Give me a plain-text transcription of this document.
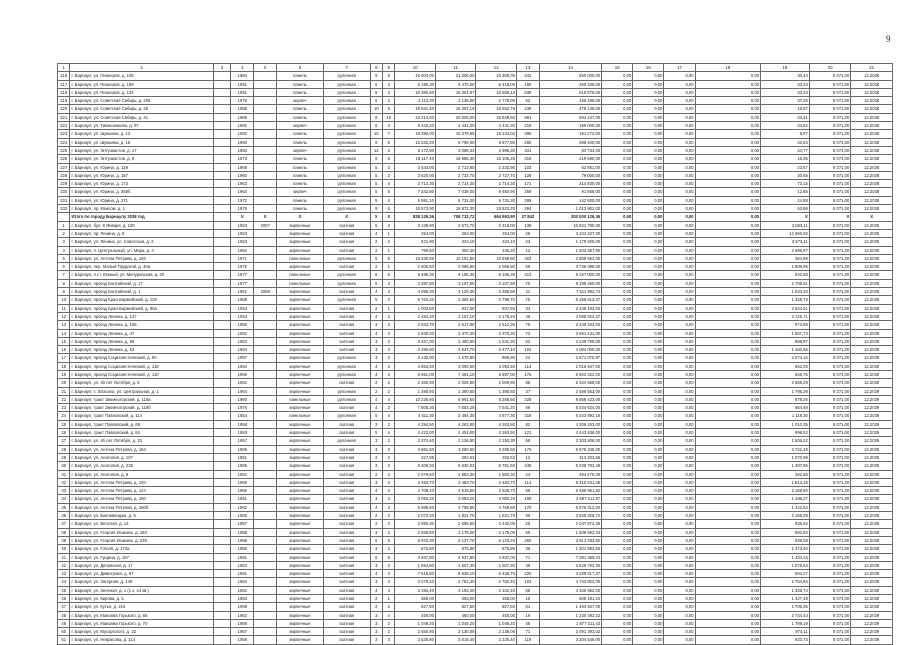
9
1	2	3	4	5	6	7	8	9	10	11	12	13	14	15	16	17	18	19	20	21
216	г. Барнаул, ул. Пионеров, д. 108		1984		панель	рулонная	9	6	16 003,00	21 306,00	16 309,00	342	650 000,00	0,00	0,00	0,00	0,00	30,44	8 071,00	12.2038
217	г. Барнаул, ул. Пионеров, д. 199		1991		панель	рулонная	5	4	6 190,30	8 470,00	6 418,00	180	350 336,00	0,00	0,00	0,00	0,00	33,34	8 071,00	12.2038
218	г. Барнаул, ул. Пионеров, д. 133		1991		панель	рулонная	9	4	16 390,60	15 301,97	15 569,13	638	518 976,00	0,00	0,00	0,00	0,00	33,34	8 071,00	12.2038
219	г. Барнаул, ул. Советская Сибирь, д. 206		1976		кирпич	рулонная	5	2	2 113,30	2 136,00	2 778,00	62	195 496,00	0,00	0,00	0,00	0,00	37,26	8 071,00	12.2038
220	г. Барнаул, ул. Советская Сибирь, д. 25		1988		панель	рулонная	10	6	19 541,40	16 397,19	16 562,79	236	478 136,00	0,00	0,00	0,00	0,00	18,97	8 071,00	12.2038
221	г. Барнаул, ул. Советская Сибирь, д. 41		1988		панель	рулонная	9	10	24 214,00	20 605,00	20 649,60	991	684 247,00	0,00	0,00	0,00	0,00	33,31	8 071,00	12.2038
222	г. Барнаул, ул. Тимошенкова, д. 97		1992		кирпич	рулонная	5	4	5 342,20	4 441,30	4 441,30	218	199 000,00	0,00	0,00	0,00	0,00	33,62	8 071,00	12.2038
223	г. Барнаул, ул. Шукшина, д. 13		1982		панель	рулонная	10	7	19 390,00	15 379,65	15 134,02	396	191 272,00	0,00	0,00	0,00	0,00	8,67	8 071,00	12.2038
224	г. Барнаул, ул. Шукшина, д. 15		1993		панель	рулонная	9	5	12 232,20	9 798,00	9 677,80	280	398 400,00	0,00	0,00	0,00	0,00	33,64	8 071,00	12.2038
225	г. Барнаул, ул. Энтузиастов, д. 17		1983		кирпич	рулонная	12	3	3 172,50	3 098,33	2 996,30	331	94 734,00	0,00	0,00	0,00	0,00	24,77	8 071,00	12.2038
226	г. Барнаул, ул. Энтузиастов, д. 9		1973		панель	рулонная	9	8	18 117,40	16 966,30	16 106,25	319	219 580,00	0,00	0,00	0,00	0,00	16,36	8 071,00	12.2038
227	г. Барнаул, ул. Юрина, д. 129		1969		панель	рулонная	5	3	3 543,00	2 713,90	2 232,90	103	62 851,00	0,00	0,00	0,00	0,00	23,67	8 071,00	12.2038
228	г. Барнаул, ул. Юрина, д. 157		1960		панель	рулонная	5	3	3 620,00	2 732,70	2 727,70	128	79 000,00	0,00	0,00	0,00	0,00	20,65	8 071,00	12.2038
229	г. Барнаул, ул. Юрина, д. 173		1963		панель	рулонная	5	4	2 714,30	2 714,30	2 714,30	171	214 830,00	0,00	0,00	0,00	0,00	73,15	8 071,00	12.2038
230	г. Барнаул, ул. Юрина, д. 268б		1964		кирпич	рулонная	5	5	7 342,80	7 038,00	6 650,90	259	91 566,00	0,00	0,00	0,00	0,00	12,65	8 071,00	12.2038
231	г. Барнаул, ул. Юрина, д. 271		1972		панель	рулонная	5	4	5 991,10	5 731,30	5 731,30	268	142 600,00	0,00	0,00	0,00	0,00	24,88	8 071,00	12.2038
232	г. Барнаул, пр. Комсом, д. 1		1979		панель	рулонная	9	6	18 873,90	15 872,30	15 823,20	384	1 013 902,00	0,00	0,00	0,00	0,00	63,86	8 071,00	12.2038
	Итого по городу Барнаулу 2038 год		X	X	X	X	X	X	828 139,36	708 712,72	664 993,90	27 842	302 000 126,36	0,00	0,00	0,00	0,00	X	X	X
1	г. Барнаул, бул. 9 Января, д. 100		1953	2007	кирпичные	скатная	5	4	3 139,90	2 572,70	2 316,00	139	10 821 790,00	0,00	0,00	0,00	0,00	3 063,11	8 071,00	12.2039
2	г. Барнаул, пр. Ленина, д. 6		1953		кирпичные	скатная	4	1	254,00	254,00	254,00	26	3 234 227,00	0,00	0,00	0,00	0,00	12 860,50	8 071,00	12.2039
3	г. Барнаул, ул. Ленина, ул. Советская, д. 2		1953		кирпичные	скатная	2	2	631,90	334,10	334,10	23	1 179 925,00	0,00	0,00	0,00	0,00	3 573,11	8 071,00	12.2039
4	г. Барнаул, п. Центральный, ул. Мира, д. 4		1964		кирпичные	скатная	2	1	790,50	350,40	335,20	12	1 202 487,90	0,00	0,00	0,00	0,00	3 596,87	8 071,00	12.2039
5	г. Барнаул, ул. Антона Петрова, д. 126		1971		панельные	рулонная	5	6	10 430,85	10 191,80	10 459,80	303	3 809 554,00	0,00	0,00	0,00	0,00	364,99	8 071,00	12.2039
6	г. Барнаул, пер. Малый Прудской, д. 40а		1975		кирпичные	скатная	2	1	2 505,50	2 066,80	2 066,80	69	3 736 096,00	0,00	0,00	0,00	0,00	1 809,98	8 071,00	12.2039
7	г. Барнаул, п.г.т. Южный, ул. Мичуринская, д. 20		1977		панельные	рулонная	5	6	9 486,30	9 186,30	9 186,30	313	5 157 000,00	0,00	0,00	0,00	0,00	542,88	8 071,00	12.2039
8	г. Барнаул, проезд Балтийский, д. 17		1977		панельные	рулонная	5	4	3 397,80	3 197,50	3 107,80	75	9 196 460,00	0,00	0,00	0,00	0,00	2 706,51	8 071,00	12.2039
9	г. Барнаул, проезд Балтийский, д. 1		1951	2008	кирпичные	скатная	4	4	4 095,30	4 129,30	3 396,90	11	7 511 992,74	0,00	0,00	0,00	0,00	1 834,33	8 071,00	12.2039
10	г. Барнаул, проезд Красноармейский, д. 103		1959		кирпичные	рулонная	5	2	5 763,20	3 392,60	3 796,70	75	5 156 513,37	0,00	0,00	0,00	0,00	1 329,73	8 071,00	12.2039
11	г. Барнаул, проезд Красноармейский, д. 96а		1954		кирпичные	скатная	2	1	1 003,50	937,50	937,50	34	2 448 192,00	0,00	0,00	0,00	0,00	2 644,51	8 071,00	12.2039
12	г. Барнаул, проезд Ленина, д. 127		1954		кирпичные	скатная	4	2	2 494,20	2 167,10	2 175,20	48	4 088 924,37	0,00	0,00	0,00	0,00	2 125,71	8 071,00	12.2039
13	г. Барнаул, проезд Ленина, д. 156		1956		кирпичные	скатная	3	3	2 833,70	2 517,80	2 512,30	75	2 446 202,00	0,00	0,00	0,00	0,00	973,88	8 071,00	12.2039
14	г. Барнаул, проезд Ленина, д. 47		1952		кирпичные	скатная	4	3	2 830,20	2 370,30	2 370,30	73	3 691 131,00	0,00	0,00	0,00	0,00	1 557,74	8 071,00	12.2039
15	г. Барнаул, проезд Ленина, д. 58		1953		кирпичные	скатная	3	2	2 327,00	2 460,50	1 541,30	52	2 136 759,00	0,00	0,00	0,00	0,00	868,97	8 071,00	12.2039
16	г. Барнаул, проезд Ленина, д. 53		1954		кирпичные	скатная	3	3	4 280,80	3 647,70	3 477,10	104	4 084 000,00	0,00	0,00	0,00	0,00	1 160,66	8 071,00	12.2039
17	г. Барнаул, проезд Социалистический, д. 90		1957		кирпичные	рулонная	3	2	2 130,90	1 576,80	996,90	24	2 571 070,87	0,00	0,00	0,00	0,00	2 574,16	8 071,00	12.2039
18	г. Барнаул, проезд Социалистический, д. 118		1954		кирпичные	рулонная	4	3	3 653,40	3 093,50	3 093,50	113	2 016 947,00	0,00	0,00	0,00	0,00	652,05	8 071,00	12.2039
19	г. Барнаул, проезд Социалистический, д. 110		1959		кирпичные	рулонная	4	3	8 651,00	7 461,10	5 897,00	175	6 902 422,00	0,00	0,00	0,00	0,00	928,76	8 071,00	12.2039
20	г. Барнаул, ул. 40 лет Октября, д. 8		1962		кирпичные	скатная	2	2	2 365,50	2 009,80	2 009,80	95	5 344 658,00	0,00	0,00	0,00	0,00	2 659,29	8 071,00	12.2039
21	г. Барнаул, с. Власиха, ул. Центральная, д. 1		1964		кирпичные	рулонная	2	2	1 390,60	1 390,60	1 390,60	37	2 496 553,00	0,00	0,00	0,00	0,00	1 795,29	8 071,00	12.2039
22	г. Барнаул, тракт Змеиногорский, д. 118а		1960		панельные	рулонная	4	4	10 226,80	8 991,50	8 286,50	328	8 858 423,00	0,00	0,00	0,00	0,00	978,26	8 071,00	12.2039
23	г. Барнаул, тракт Змеиногорский, д. 118б		1976		кирпичные	скатная	4	3	7 605,30	7 563,29	7 541,20	69	5 024 624,00	0,00	0,00	0,00	0,00	664,49	8 071,00	12.2039
24	г. Барнаул, тракт Павловский, д. 114		1954		панельные	рулонная	5	4	4 511,30	3 454,30	4 877,30	316	5 343 892,18	0,00	0,00	0,00	0,00	1 118,30	8 071,00	12.2039
25	г. Барнаул, тракт Павловский, д. 68		1958		кирпичные	скатная	3	2	4 294,50	4 263,80	4 263,80	82	4 306 253,00	0,00	0,00	0,00	0,00	1 010,35	8 071,00	12.2039
26	г. Барнаул, тракт Павловский, д. 84		1953		кирпичные	скатная	5	4	4 422,00	4 451,00	3 363,50	121	4 443 836,00	0,00	0,00	0,00	0,00	998,52	8 071,00	12.2039
27	г. Барнаул, ул. 40 лет Октября, д. 33		1957		кирпичные	рулонная	3	2	2 374,40	2 126,80	2 150,30	58	3 203 806,00	0,00	0,00	0,00	0,00	1 506,22	8 071,00	12.2039
28	г. Барнаул, ул. Антона Петрова, д. 164		1955		кирпичные	скатная	3	3	3 861,50	3 260,50	3 260,50	175	8 878 346,00	0,00	0,00	0,00	0,00	2 722,48	8 071,00	12.2039
29	г. Барнаул, ул. Анатолия, д. 107		1951		кирпичные	скатная	2	2	327,85	292,53	292,53	12	313 303,56	0,00	0,00	0,00	0,00	1 070,99	8 071,00	12.2039
30	г. Барнаул, ул. Анатолия, д. 235		1955		кирпичные	скатная	3	3	6 406,03	5 630,03	5 751,60	349	8 039 783,48	0,00	0,00	0,00	0,00	1 397,85	8 071,00	12.2039
31	г. Барнаул, ул. Анатолия, д. 6		1952		кирпичные	скатная	2	2	2 079,60	1 883,30	1 883,30	24	494 475,00	0,00	0,00	0,00	0,00	262,56	8 071,00	12.2039
32	г. Барнаул, ул. Антона Петрова, д. 120		1958		кирпичные	скатная	3	3	3 483,70	3 483,70	3 483,70	114	6 316 531,36	0,00	0,00	0,00	0,00	1 813,16	8 071,00	12.2039
33	г. Барнаул, ул. Антона Петрова, д. 124		1959		кирпичные	скатная	4	3	4 708,10	3 515,00	2 528,70	98	5 485 951,82	0,00	0,00	0,00	0,00	2 169,50	8 071,00	12.2039
34	г. Барнаул, ул. Антона Петрова, д. 150		1961		кирпичные	скатная	3	3	3 093,20	3 093,20	3 093,20	109	3 697 211,87	0,00	0,00	0,00	0,00	1 195,27	8 071,00	12.2039
35	г. Барнаул, ул. Антона Петрова, д. 180б		1962		кирпичные	скатная	4	4	6 988,60	4 766,80	4 766,80	170	6 876 312,00	0,00	0,00	0,00	0,00	1 442,54	8 071,00	12.2039
36	г. Барнаул, ул. Бахчиванджи, д. 5		1956		кирпичные	скатная	2	2	2 073,20	1 821,70	1 821,70	96	3 946 326,72	0,00	0,00	0,00	0,00	2 166,29	8 071,00	12.2039
37	г. Барнаул, ул. Веселая, д. 14		1957		кирпичные	скатная	2	2	2 993,30	2 696,60	2 442,00	28	2 047 672,35	0,00	0,00	0,00	0,00	838,52	8 071,00	12.2039
38	г. Барнаул, ул. Георгия Исакова, д. 193		1958		кирпичные	скатная	3	2	2 558,50	2 179,00	2 179,00	69	1 509 693,34	0,00	0,00	0,00	0,00	692,84	8 071,00	12.2039
39	г. Барнаул, ул. Георгия Исакова, д. 235		1968		кирпичные	скатная	5	5	6 923,30	6 127,70	6 123,20	260	3 913 283,82	0,00	0,00	0,00	0,00	639,08	8 071,00	12.2039
40	г. Барнаул, ул. Гоголя, д. 173а		1965		кирпичные	скатная	3	2	875,80	875,80	875,80	38	1 201 953,50	0,00	0,00	0,00	0,00	1 372,40	8 071,00	12.2039
41	г. Барнаул, ул. Гущина, д. 197		1961		кирпичные	скатная	5	6	4 937,80	4 937,80	4 937,00	71	7 081 389,23	0,00	0,00	0,00	0,00	1 434,14	8 071,00	12.2039
42	г. Барнаул, ул. Деповская, д. 17		1953		кирпичные	скатная	3	2	1 654,80	1 607,30	1 507,30	39	2 528 764,30	0,00	0,00	0,00	0,00	1 578,54	8 071,00	12.2039
43	г. Барнаул, ул. Димитрова, д. 67		1961		кирпичные	скатная	4	3	7 516,80	6 635,10	6 436,70	220	3 339 317,37	0,00	0,00	0,00	0,00	504,27	8 071,00	12.2039
44	г. Барнаул, ул. Загорная, д. 149		1964		кирпичные	скатная	3	4	3 070,10	2 782,40	2 782,40	103	4 743 804,00	0,00	0,00	0,00	0,00	1 704,94	8 071,00	12.2039
45	г. Барнаул, ул. Зеленая, д. 1 (1 к. 44 кв.)		1962		кирпичные	скатная	4	4	3 393,40	3 193,40	3 102,40	58	4 345 952,00	0,00	0,00	0,00	0,00	1 326,74	8 071,00	12.2039
46	г. Барнаул, ул. Кирова, д. 5		1963		кирпичные	скатная	2	1	356,00	356,00	356,00	16	508 181,24	0,00	0,00	0,00	0,00	1 427,48	8 071,00	12.2039
47	г. Барнаул, ул. Кутья, д. 216		1958		кирпичные	скатная	2	2	827,50	827,50	827,50	61	1 494 927,00	0,00	0,00	0,00	0,00	1 706,36	8 071,00	12.2039
48	г. Барнаул, ул. Максима Горького, д. 56		1962		кирпичные	скатная	3	4	450,00	450,00	450,00	19	1 230 493,22	0,00	0,00	0,00	0,00	2 734,43	8 071,00	12.2039
49	г. Барнаул, ул. Максима Горького, д. 70		1959		кирпичные	скатная	3	2	1 049,20	1 049,20	1 049,20	45	1 877 211,43	0,00	0,00	0,00	0,00	1 789,19	8 071,00	12.2039
50	г. Барнаул, ул. Мусоргского, д. 22		1957		кирпичные	скатная	3	2	2 550,80	2 130,09	2 136,09	71	2 091 393,02	0,00	0,00	0,00	0,00	974,11	8 071,00	12.2039
51	г. Барнаул, ул. Некрасова, д. 114		1958		кирпичные	скатная	3	3	3 526,80	3 516,40	3 226,40	119	3 204 549,00	0,00	0,00	0,00	0,00	923,73	8 071,00	12.2039
